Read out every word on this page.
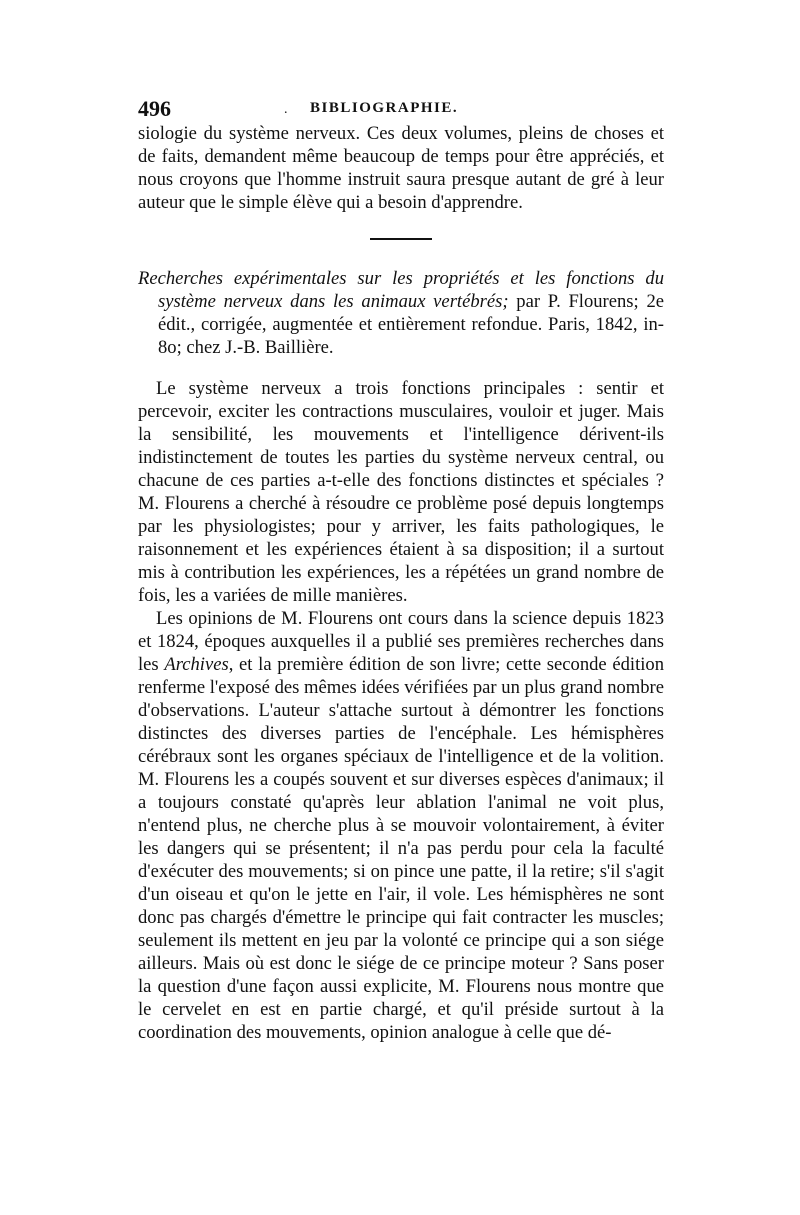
496	. BIBLIOGRAPHIE.

siologie du système nerveux. Ces deux volumes, pleins de choses et de faits, demandent même beaucoup de temps pour être appréciés, et nous croyons que l'homme instruit saura presque autant de gré à leur auteur que le simple élève qui a besoin d'apprendre.

Recherches expérimentales sur les propriétés et les fonctions du système nerveux dans les animaux vertébrés; par P. Flourens; 2e édit., corrigée, augmentée et entièrement refondue. Paris, 1842, in-8o; chez J.-B. Baillière.

Le système nerveux a trois fonctions principales : sentir et percevoir, exciter les contractions musculaires, vouloir et juger. Mais la sensibilité, les mouvements et l'intelligence dérivent-ils indistinctement de toutes les parties du système nerveux central, ou chacune de ces parties a-t-elle des fonctions distinctes et spéciales ? M. Flourens a cherché à résoudre ce problème posé depuis longtemps par les physiologistes; pour y arriver, les faits pathologiques, le raisonnement et les expériences étaient à sa disposition; il a surtout mis à contribution les expériences, les a répétées un grand nombre de fois, les a variées de mille manières.

Les opinions de M. Flourens ont cours dans la science depuis 1823 et 1824, époques auxquelles il a publié ses premières recherches dans les Archives, et la première édition de son livre; cette seconde édition renferme l'exposé des mêmes idées vérifiées par un plus grand nombre d'observations. L'auteur s'attache surtout à démontrer les fonctions distinctes des diverses parties de l'encéphale. Les hémisphères cérébraux sont les organes spéciaux de l'intelligence et de la volition. M. Flourens les a coupés souvent et sur diverses espèces d'animaux; il a toujours constaté qu'après leur ablation l'animal ne voit plus, n'entend plus, ne cherche plus à se mouvoir volontairement, à éviter les dangers qui se présentent; il n'a pas perdu pour cela la faculté d'exécuter des mouvements; si on pince une patte, il la retire; s'il s'agit d'un oiseau et qu'on le jette en l'air, il vole. Les hémisphères ne sont donc pas chargés d'émettre le principe qui fait contracter les muscles; seulement ils mettent en jeu par la volonté ce principe qui a son siége ailleurs. Mais où est donc le siége de ce principe moteur ? Sans poser la question d'une façon aussi explicite, M. Flourens nous montre que le cervelet en est en partie chargé, et qu'il préside surtout à la coordination des mouvements, opinion analogue à celle que dé-
